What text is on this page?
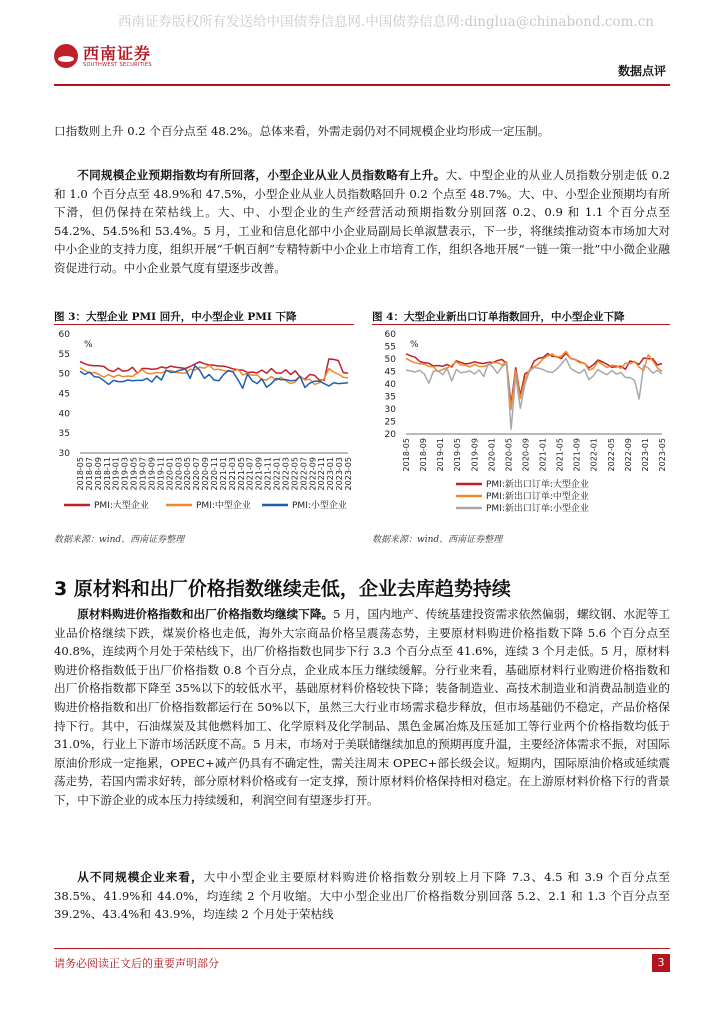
西南证券版权所有发送给中国债券信息网.中国债券信息网:dinglua@chinabond.com.cn
西南证券
SOUTHWEST SECURITIES	数据点评
口指数则上升 0.2 个百分点至 48.2%。总体来看，外需走弱仍对不同规模企业均形成一定压制。
不同规模企业预期指数均有所回落，小型企业从业人员指数略有上升。大、中型企业的从业人员指数分别走低 0.2 和 1.0 个百分点至 48.9%和 47.5%，小型企业从业人员指数略回升 0.2 个点至 48.7%。大、中、小型企业预期均有所下滑，但仍保持在荣枯线上。大、中、小型企业的生产经营活动预期指数分别回落 0.2、0.9 和 1.1 个百分点至 54.2%、54.5%和 53.4%。5 月，工业和信息化部中小企业局副局长单淑慧表示，下一步，将继续推动资本市场加大对中小企业的支持力度，组织开展“千帆百舸”专精特新中小企业上市培育工作，组织各地开展“一链一策一批”中小微企业融资促进行动。中小企业景气度有望逐步改善。
图 3：大型企业 PMI 回升，中小型企业 PMI 下降	图 4：大型企业新出口订单指数回升，中小型企业下降
60
55
50
45
40
35
30
%
2018-05 2018-07 2018-09 2018-11 2019-01 2019-03 2019-05 2019-07 2019-09 2019-11 2020-01 2020-03 2020-05 2020-07 2020-09 2020-11 2021-01 2021-03 2021-05 2021-07 2021-09 2021-11 2022-01 2022-03 2022-05 2022-07 2022-09 2022-11 2023-01 2023-03 2023-05
PMI:大型企业	PMI:中型企业	PMI:小型企业
60
55
50
45
40
35
30
25
20
%
2018-05 2018-09 2019-01 2019-05 2019-09 2020-01 2020-05 2020-09 2021-01 2021-05 2021-09 2022-01 2022-05 2022-09 2023-01 2023-05
PMI:新出口订单:大型企业
PMI:新出口订单:中型企业
PMI:新出口订单:小型企业
数据来源：wind、西南证券整理	数据来源：wind、西南证券整理
3 原材料和出厂价格指数继续走低，企业去库趋势持续
原材料购进价格指数和出厂价格指数均继续下降。5 月，国内地产、传统基建投资需求依然偏弱，螺纹钢、水泥等工业品价格继续下跌，煤炭价格也走低，海外大宗商品价格呈震荡态势，主要原材料购进价格指数下降 5.6 个百分点至 40.8%，连续两个月处于荣枯线下，出厂价格指数也同步下行 3.3 个百分点至 41.6%，连续 3 个月走低。5 月，原材料购进价格指数低于出厂价格指数 0.8 个百分点，企业成本压力继续缓解。分行业来看，基础原材料行业购进价格指数和出厂价格指数都下降至 35%以下的较低水平，基础原材料价格较快下降；装备制造业、高技术制造业和消费品制造业的购进价格指数和出厂价格指数都运行在 50%以下，虽然三大行业市场需求稳步释放，但市场基础仍不稳定，产品价格保持下行。其中，石油煤炭及其他燃料加工、化学原料及化学制品、黑色金属冶炼及压延加工等行业两个价格指数均低于 31.0%，行业上下游市场活跃度不高。5 月末，市场对于美联储继续加息的预期再度升温，主要经济体需求不振，对国际原油价形成一定拖累，OPEC+减产仍具有不确定性，需关注周末 OPEC+部长级会议。短期内，国际原油价格或延续震荡走势，若国内需求好转，部分原材料价格或有一定支撑，预计原材料价格保持相对稳定。在上游原材料价格下行的背景下，中下游企业的成本压力持续缓和，利润空间有望逐步打开。
从不同规模企业来看，大中小型企业主要原材料购进价格指数分别较上月下降 7.3、4.5 和 3.9 个百分点至 38.5%、41.9%和 44.0%，均连续 2 个月收缩。大中小型企业出厂价格指数分别回落 5.2、2.1 和 1.3 个百分点至 39.2%、43.4%和 43.9%，均连续 2 个月处于荣枯线
请务必阅读正文后的重要声明部分	3
